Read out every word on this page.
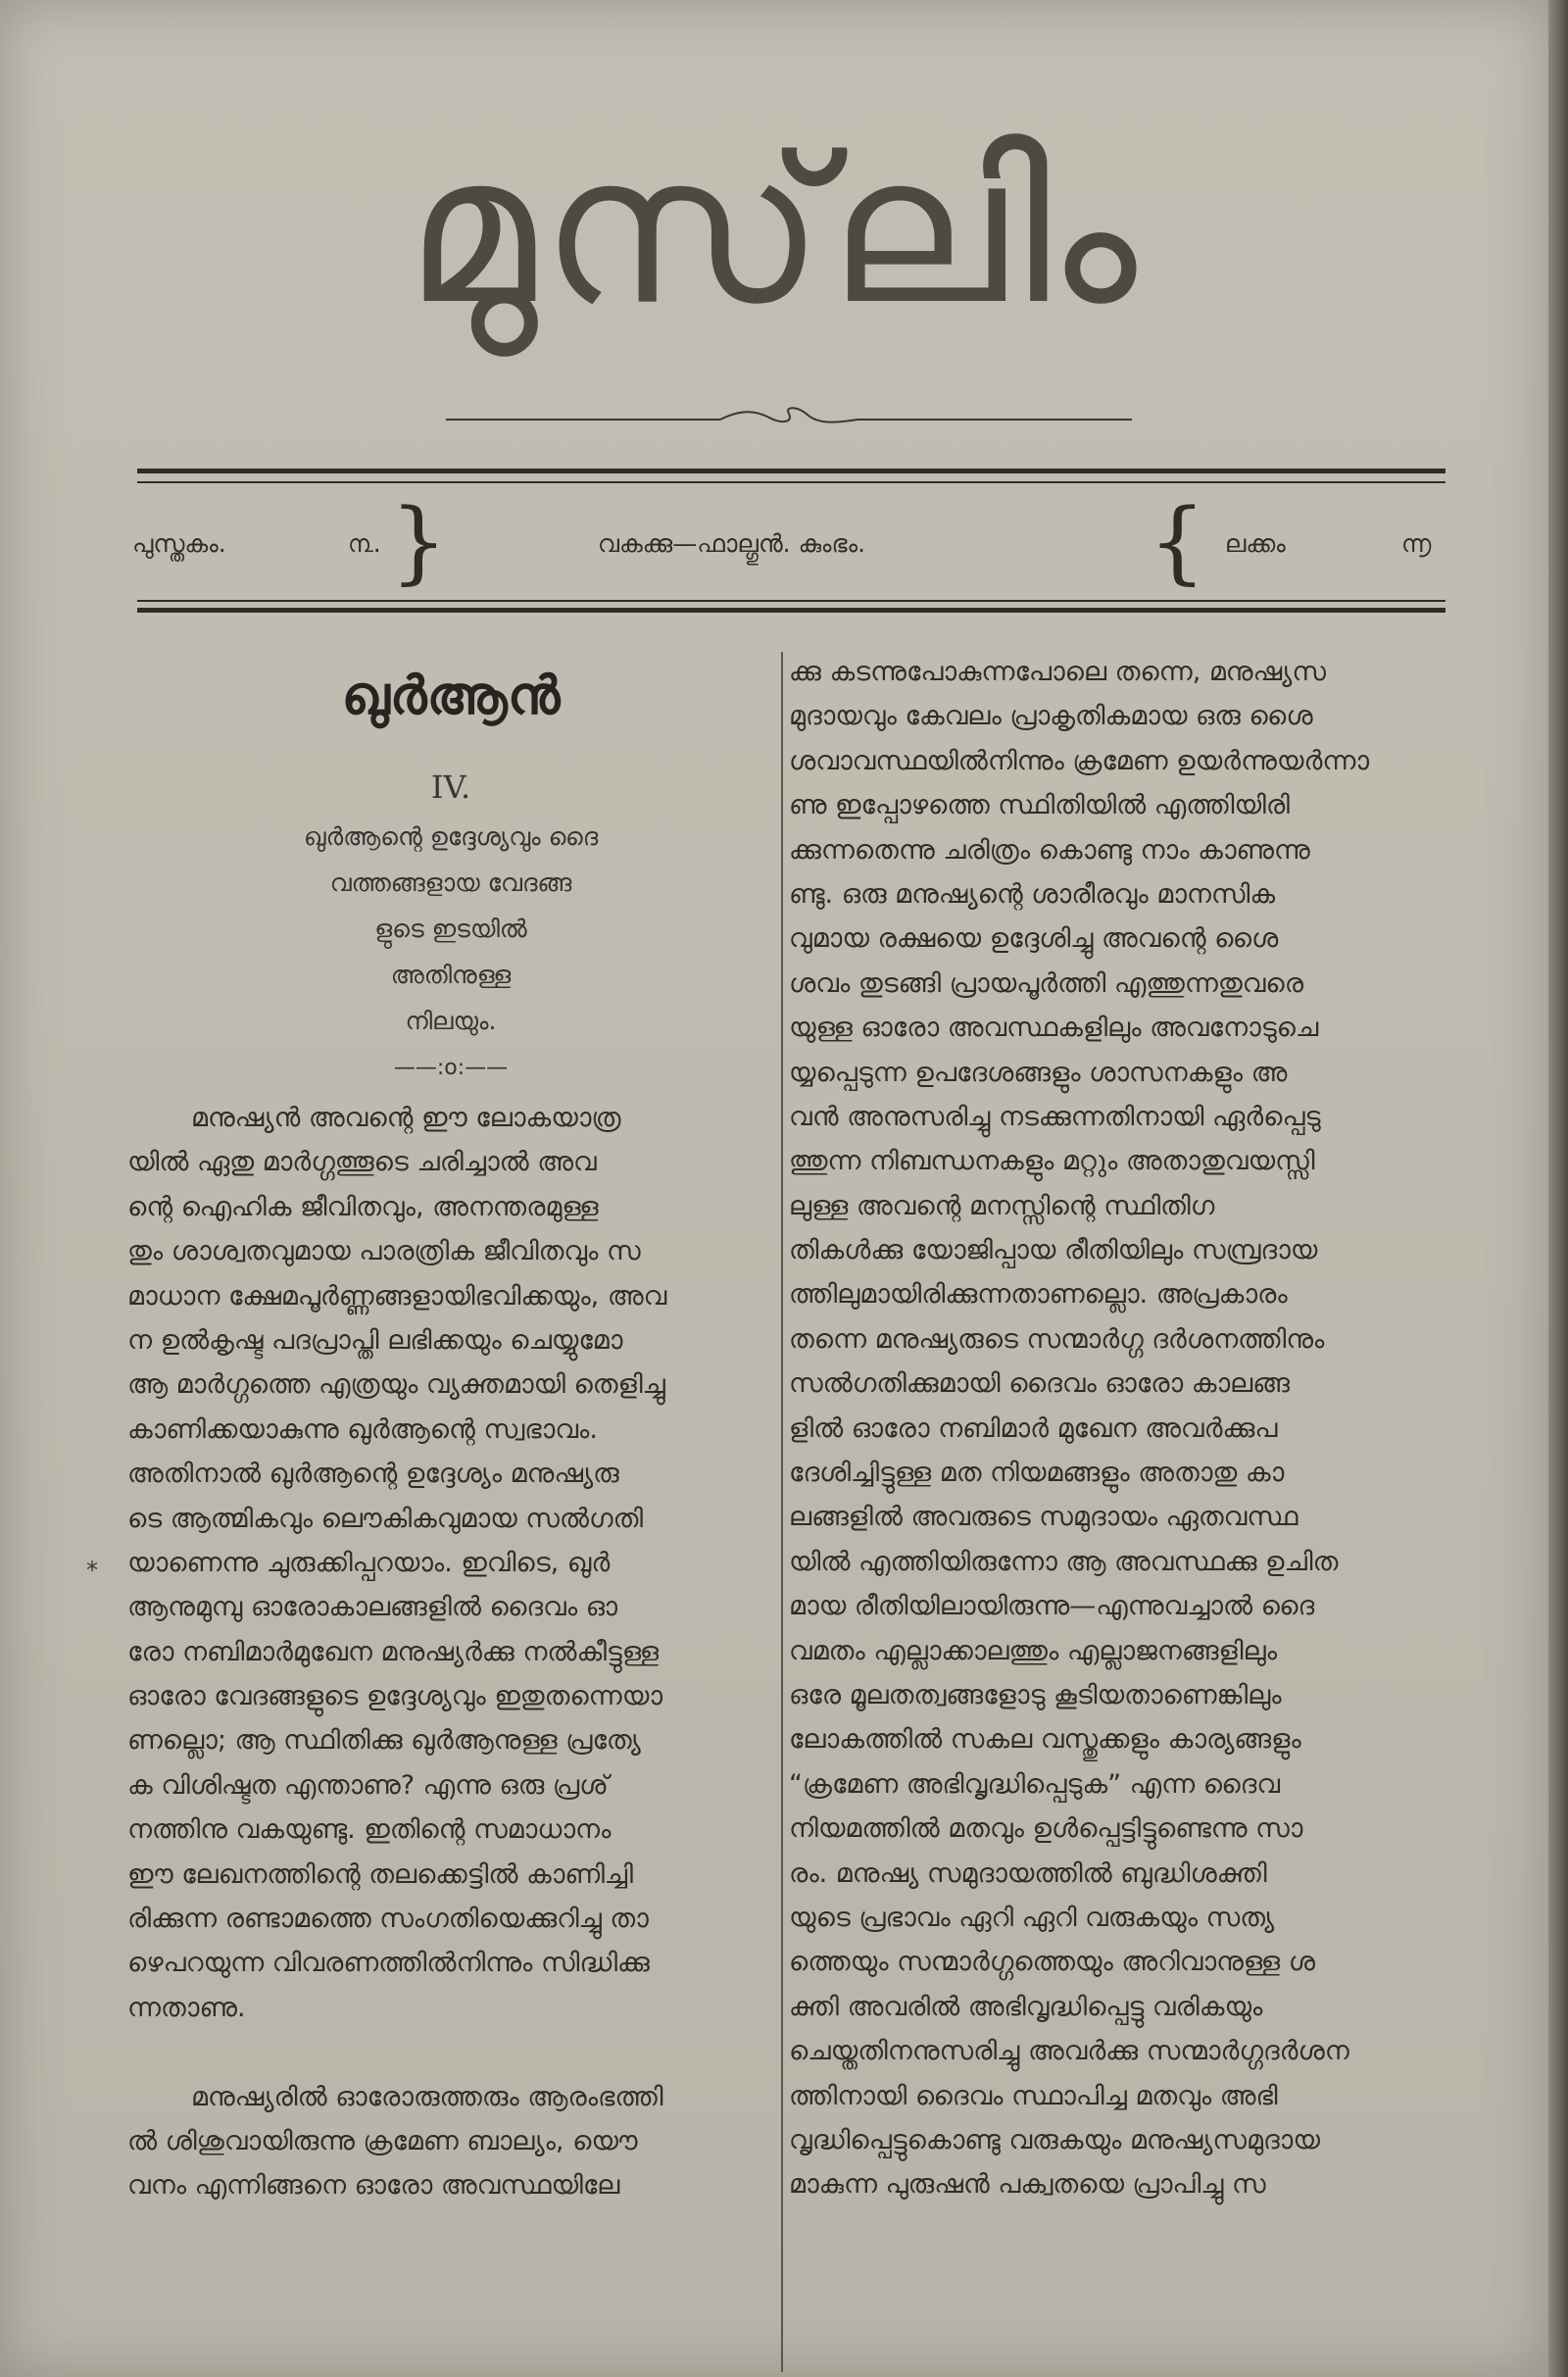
മുസ്‌ലിം
പുസ്തകം.	൩. }	വകക്കു—ഫാല്ഗുൻ. കുംഭം.	{ ലക്കം	൬
ഖുർആൻ
IV.
ഖുർആന്റെ ഉദ്ദേശ്യവും ദൈ
വത്തങ്ങളായ വേദങ്ങ
ളുടെ ഇടയിൽ
അതിനുള്ള
നിലയും.
——:o:——
*
മനുഷ്യൻ അവന്റെ ഈ ലോകയാത്ര
യിൽ ഏതു മാർഗ്ഗത്തൂടെ ചരിച്ചാൽ അവ
ന്റെ ഐഹിക ജീവിതവും, അനന്തരമുള്ള
തും ശാശ്വതവുമായ പാരത്രിക ജീവിതവും സ
മാധാന ക്ഷേമപൂർണ്ണങ്ങളായിഭവിക്കയും, അവ
ന ഉൽകൃഷ്ട പദപ്രാപ്തി ലഭിക്കയും ചെയ്യുമോ
ആ മാർഗ്ഗത്തെ എത്രയും വ്യക്തമായി തെളിച്ചു
കാണിക്കയാകുന്നു ഖുർആന്റെ സ്വഭാവം.
അതിനാൽ ഖുർആന്റെ ഉദ്ദേശ്യം മനുഷ്യരു
ടെ ആത്മികവും ലൌകികവുമായ സൽഗതി
യാണെന്നു ചുരുക്കിപ്പറയാം. ഇവിടെ, ഖുർ
ആനുമുമ്പു ഓരോകാലങ്ങളിൽ ദൈവം ഓ
രോ നബിമാർമുഖേന മനുഷ്യർക്കു നൽകീട്ടുള്ള
ഓരോ വേദങ്ങളുടെ ഉദ്ദേശ്യവും ഇതുതന്നെയാ
ണല്ലൊ; ആ സ്ഥിതിക്കു ഖുർആനുള്ള പ്രത്യേ
ക വിശിഷ്ടത എന്താണു? എന്നു ഒരു പ്രശ്
നത്തിനു വകയുണ്ടു. ഇതിന്റെ സമാധാനം
ഈ ലേഖനത്തിന്റെ തലക്കെട്ടിൽ കാണിച്ചി
രിക്കുന്ന രണ്ടാമത്തെ സംഗതിയെക്കുറിച്ചു താ
ഴെപറയുന്ന വിവരണത്തിൽനിന്നും സിദ്ധിക്കു
ന്നതാണു.
മനുഷ്യരിൽ ഓരോരുത്തരും ആരംഭത്തി
ൽ ശിശുവായിരുന്നു ക്രമേണ ബാല്യം, യൌ
വനം എന്നിങ്ങനെ ഓരോ അവസ്ഥയിലേ
ക്കു കടന്നുപോകുന്നപോലെ തന്നെ, മനുഷ്യസ
മുദായവും കേവലം പ്രാകൃതികമായ ഒരു ശൈ
ശവാവസ്ഥയിൽനിന്നും ക്രമേണ ഉയർന്നുയർന്നാ
ണു ഇപ്പോഴത്തെ സ്ഥിതിയിൽ എത്തിയിരി
ക്കുന്നതെന്നു ചരിത്രം കൊണ്ടു നാം കാണുന്നു
ണ്ടു. ഒരു മനുഷ്യന്റെ ശാരീരവും മാനസിക
വുമായ രക്ഷയെ ഉദ്ദേശിച്ചു അവന്റെ ശൈ
ശവം തുടങ്ങി പ്രായപൂർത്തി എത്തുന്നതുവരെ
യുള്ള ഓരോ അവസ്ഥകളിലും അവനോടുചെ
യ്യപ്പെടുന്ന ഉപദേശങ്ങളും ശാസനകളും അ
വൻ അനുസരിച്ചു നടക്കുന്നതിനായി ഏർപ്പെടു
ത്തുന്ന നിബന്ധനകളും മറ്റും അതാതുവയസ്സി
ലുള്ള അവന്റെ മനസ്സിന്റെ സ്ഥിതിഗ
തികൾക്കു യോജിപ്പായ രീതിയിലും സമ്പ്രദായ
ത്തിലുമായിരിക്കുന്നതാണല്ലൊ. അപ്രകാരം
തന്നെ മനുഷ്യരുടെ സന്മാർഗ്ഗ ദർശനത്തിനും
സൽഗതിക്കുമായി ദൈവം ഓരോ കാലങ്ങ
ളിൽ ഓരോ നബിമാർ മുഖേന അവർക്കുപ
ദേശിച്ചിട്ടുള്ള മത നിയമങ്ങളും അതാതു കാ
ലങ്ങളിൽ അവരുടെ സമുദായം ഏതവസ്ഥ
യിൽ എത്തിയിരുന്നോ ആ അവസ്ഥക്കു ഉചിത
മായ രീതിയിലായിരുന്നു—എന്നുവച്ചാൽ ദൈ
വമതം എല്ലാക്കാലത്തും എല്ലാജനങ്ങളിലും
ഒരേ മൂലതത്വങ്ങളോടു കൂടിയതാണെങ്കിലും
ലോകത്തിൽ സകല വസ്തുക്കളും കാര്യങ്ങളും
“ക്രമേണ അഭിവൃദ്ധിപ്പെടുക” എന്ന ദൈവ
നിയമത്തിൽ മതവും ഉൾപ്പെട്ടിട്ടുണ്ടെന്നു സാ
രം. മനുഷ്യ സമുദായത്തിൽ ബുദ്ധിശക്തി
യുടെ പ്രഭാവം ഏറി ഏറി വരുകയും സത്യ
ത്തെയും സന്മാർഗ്ഗത്തെയും അറിവാനുള്ള ശ
ക്തി അവരിൽ അഭിവൃദ്ധിപ്പെട്ടു വരികയും
ചെയ്തതിനനുസരിച്ചു അവർക്കു സന്മാർഗ്ഗദർശന
ത്തിനായി ദൈവം സ്ഥാപിച്ച മതവും അഭി
വൃദ്ധിപ്പെട്ടുകൊണ്ടു വരുകയും മനുഷ്യസമുദായ
മാകുന്ന പുരുഷൻ പക്വതയെ പ്രാപിച്ചു സ
